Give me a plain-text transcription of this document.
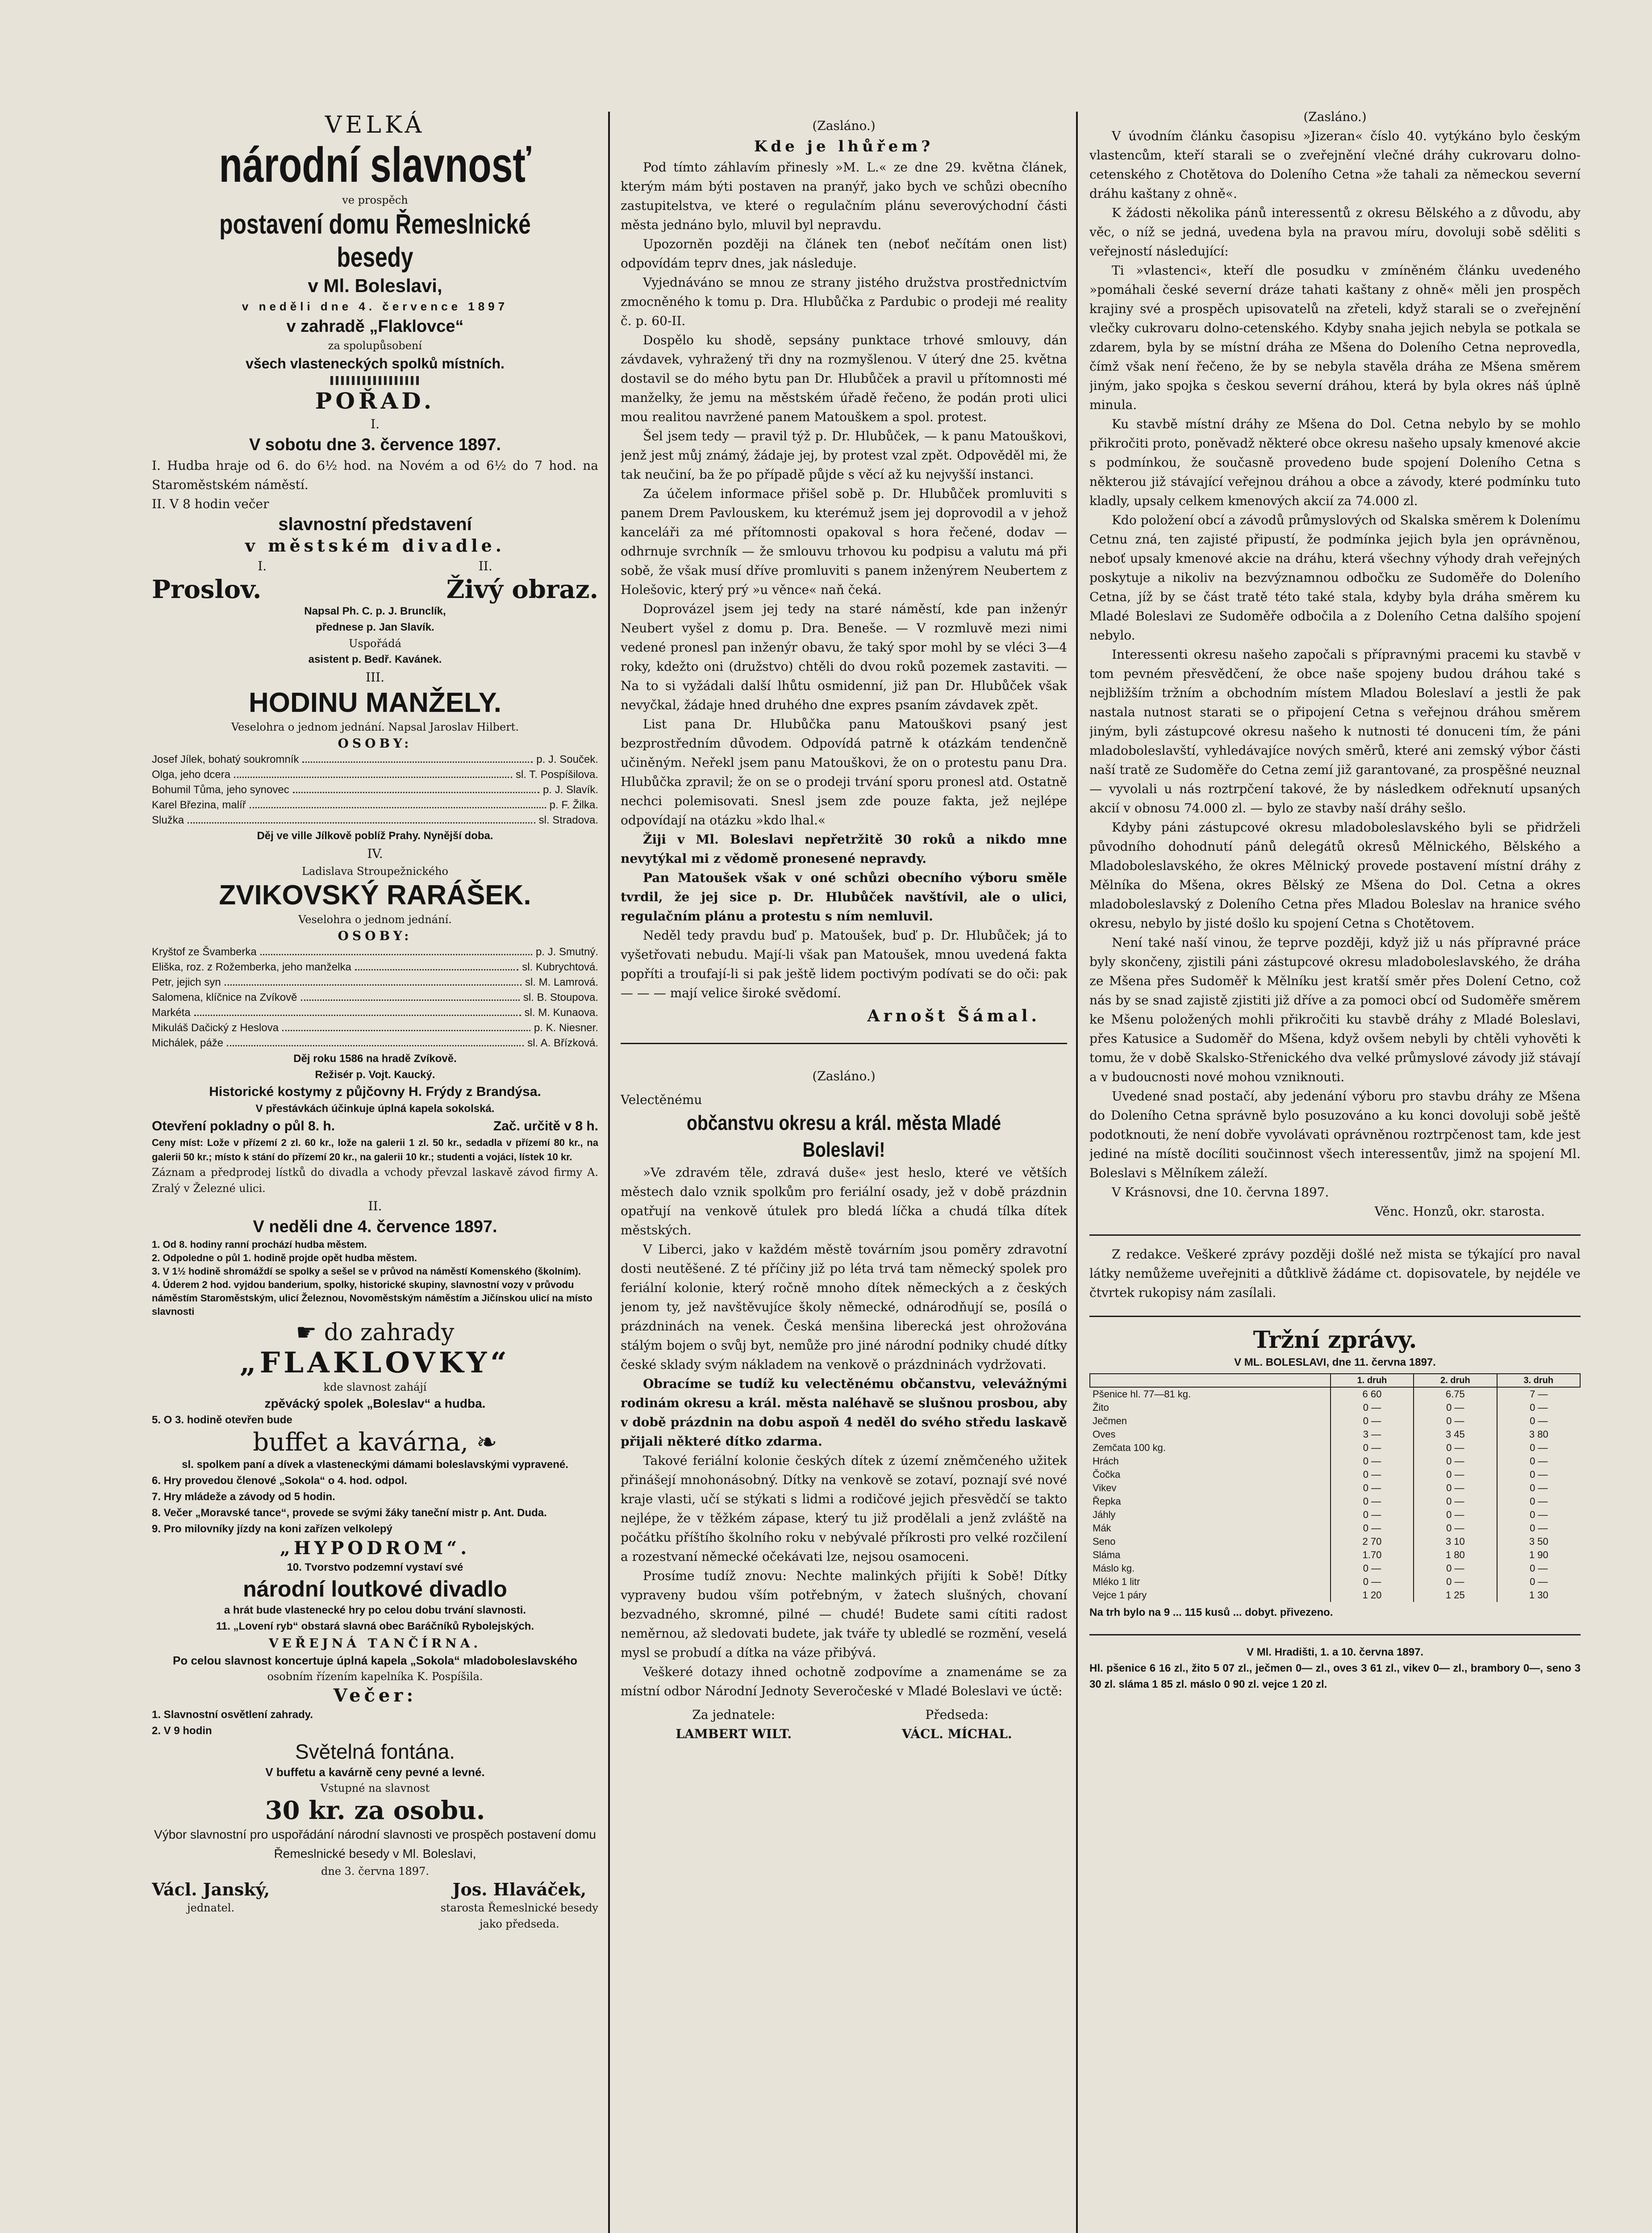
VELKÁ

národní slavnosť

ve prospěch

postavení domu Řemeslnické besedy

v Ml. Boleslavi,

v neděli dne 4. července 1897

v zahradě „Flaklovce“

za spolupůsobení

všech vlasteneckých spolků místních.

POŘAD.

I.

V sobotu dne 3. července 1897.

I. Hudba hraje od 6. do 6½ hod. na Novém a od 6½ do 7 hod. na Staroměstském náměstí.

II. V 8 hodin večer

slavnostní představení

v městském divadle.

I.	II.
Proslov.	Živý obraz.

Napsal Ph. C. p. J. Brunclík,

přednese p. Jan Slavík.

Uspořádá

asistent p. Bedř. Kavánek.

III.

HODINU MANŽELY.

Veselohra o jednom jednání. Napsal Jaroslav Hilbert.

OSOBY:

Josef Jílek, bohatý soukromník	p. J. Souček.
Olga, jeho dcera	sl. T. Pospíšilova.
Bohumil Tůma, jeho synovec	p. J. Slavík.
Karel Březina, malíř	p. F. Žilka.
Služka	sl. Stradova.

Děj ve ville Jílkově poblíž Prahy. Nynější doba.

IV.

Ladislava Stroupežnického

ZVIKOVSKÝ RARÁŠEK.

Veselohra o jednom jednání.

OSOBY:

Kryštof ze Švamberka	p. J. Smutný.
Eliška, roz. z Rožemberka, jeho manželka	sl. Kubrychtová.
Petr, jejich syn	sl. M. Lamrová.
Salomena, klíčnice na Zvíkově	sl. B. Stoupova.
Markéta	sl. M. Kunaova.
Mikuláš Dačický z Heslova	p. K. Niesner.
Michálek, páže	sl. A. Břízková.

Děj roku 1586 na hradě Zvíkově.

Režisér p. Vojt. Kaucký.

Historické kostymy z půjčovny H. Frýdy z Brandýsa.

V přestávkách účinkuje úplná kapela sokolská.

Otevření pokladny o půl 8. h.	Zač. určitě v 8 h.

Ceny míst: Lože v přízemí 2 zl. 60 kr., lože na galerii 1 zl. 50 kr., sedadla v přízemí 80 kr., na galerii 50 kr.; místo k stání do přízemí 20 kr., na galerii 10 kr.; studenti a vojáci, lístek 10 kr.

Záznam a předprodej lístků do divadla a vchody převzal laskavě závod firmy A. Zralý v Železné ulici.

II.

V neděli dne 4. července 1897.

1. Od 8. hodiny ranní prochází hudba městem.

2. Odpoledne o půl 1. hodině projde opět hudba městem.

3. V 1½ hodině shromáždí se spolky a sešel se v průvod na náměstí Komenského (školním).

4. Úderem 2 hod. vyjdou banderium, spolky, historické skupiny, slavnostní vozy v průvodu náměstím Staroměstským, ulicí Železnou, Novoměstským náměstím a Jičínskou ulicí na místo slavnosti

☛ do zahrady

„FLAKLOVKY“

kde slavnost zahájí

zpěvácký spolek „Boleslav“ a hudba.

5. O 3. hodině otevřen bude

buffet a kavárna, ❧

sl. spolkem paní a dívek a vlasteneckými dámami boleslavskými vypravené.

6. Hry provedou členové „Sokola“ o 4. hod. odpol.

7. Hry mládeže a závody od 5 hodin.

8. Večer „Moravské tance“, provede se svými žáky taneční mistr p. Ant. Duda.

9. Pro milovníky jízdy na koni zařízen velkolepý

„HYPODROM“.

10. Tvorstvo podzemní vystaví své

národní loutkové divadlo

a hrát bude vlastenecké hry po celou dobu trvání slavnosti.

11. „Lovení ryb“ obstará slavná obec Baráčníků Rybolejských.

VEŘEJNÁ TANČÍRNA.

Po celou slavnost koncertuje úplná kapela „Sokola“ mladoboleslavského

osobním řízením kapelníka K. Pospíšila.

Večer:

1. Slavnostní osvětlení zahrady.

2. V 9 hodin

Světelná fontána.

V buffetu a kavárně ceny pevné a levné.

Vstupné na slavnost

30 kr. za osobu.

Výbor slavnostní pro uspořádání národní slavnosti ve prospěch postavení domu Řemeslnické besedy v Ml. Boleslavi,

dne 3. června 1897.

Václ. Janský,

jednatel.

Jos. Hlaváček,

starosta Řemeslnické besedy

jako předseda.

(Zasláno.)

Kde je lhůřem?

Pod tímto záhlavím přinesly »M. L.« ze dne 29. května článek, kterým mám býti postaven na pranýř, jako bych ve schůzi obecního zastupitelstva, ve které o regulačním plánu severovýchodní části města jednáno bylo, mluvil byl nepravdu.

Upozorněn později na článek ten (neboť nečítám onen list) odpovídám teprv dnes, jak následuje.

Vyjednáváno se mnou ze strany jistého družstva prostřednictvím zmocněného k tomu p. Dra. Hlubůčka z Pardubic o prodeji mé reality č. p. 60-II.

Dospělo ku shodě, sepsány punktace trhové smlouvy, dán závdavek, vyhražený tři dny na rozmyšlenou. V úterý dne 25. května dostavil se do mého bytu pan Dr. Hlubůček a pravil u přítomnosti mé manželky, že jemu na městském úřadě řečeno, že podán proti ulici mou realitou navržené panem Matouškem a spol. protest.

Šel jsem tedy — pravil týž p. Dr. Hlubůček, — k panu Matouškovi, jenž jest můj známý, žádaje jej, by protest vzal zpět. Odpověděl mi, že tak neučiní, ba že po případě půjde s věcí až ku nejvyšší instanci.

Za účelem informace přišel sobě p. Dr. Hlubůček promluviti s panem Drem Pavlouskem, ku kterémuž jsem jej doprovodil a v jehož kanceláři za mé přítomnosti opakoval s hora řečené, dodav — odhrnuje svrchník — že smlouvu trhovou ku podpisu a valutu má při sobě, že však musí dříve promluviti s panem inženýrem Neubertem z Holešovic, který prý »u věnce« naň čeká.

Doprovázel jsem jej tedy na staré náměstí, kde pan inženýr Neubert vyšel z domu p. Dra. Beneše. — V rozmluvě mezi nimi vedené pronesl pan inženýr obavu, že taký spor mohl by se vléci 3—4 roky, kdežto oni (družstvo) chtěli do dvou roků pozemek zastaviti. — Na to si vyžádali další lhůtu osmidenní, již pan Dr. Hlubůček však nevyčkal, žádaje hned druhého dne expres psaním závdavek zpět.

List pana Dr. Hlubůčka panu Matouškovi psaný jest bezprostředním důvodem. Odpovídá patrně k otázkám tendenčně učiněným. Neřekl jsem panu Matouškovi, že on o protestu panu Dra. Hlubůčka zpravil; že on se o prodeji trvání sporu pronesl atd. Ostatně nechci polemisovati. Snesl jsem zde pouze fakta, jež nejlépe odpovídají na otázku »kdo lhal.«

Žiji v Ml. Boleslavi nepřetržitě 30 roků a nikdo mne nevytýkal mi z vědomě pronesené nepravdy.

Pan Matoušek však v oné schůzi obecního výboru směle tvrdil, že jej sice p. Dr. Hlubůček navštívil, ale o ulici, regulačním plánu a protestu s ním nemluvil.

Neděl tedy pravdu buď p. Matoušek, buď p. Dr. Hlubůček; já to vyšetřovati nebudu. Mají-li však pan Matoušek, mnou uvedená fakta popříti a troufají-li si pak ještě lidem poctivým podívati se do oči: pak — — — mají velice široké svědomí.

Arnošt Šámal.

(Zasláno.)

Velectěnému

občanstvu okresu a král. města Mladé Boleslavi!

»Ve zdravém těle, zdravá duše« jest heslo, které ve větších městech dalo vznik spolkům pro feriální osady, jež v době prázdnin opatřují na venkově útulek pro bledá líčka a chudá tílka dítek městských.

V Liberci, jako v každém městě továrním jsou poměry zdravotní dosti neutěšené. Z té příčiny již po léta trvá tam německý spolek pro feriální kolonie, který ročně mnoho dítek německých a z českých jenom ty, jež navštěvujíce školy německé, odnárodňují se, posílá o prázdninách na venek. Česká menšina liberecká jest ohrožována stálým bojem o svůj byt, nemůže pro jiné národní podniky chudé dítky české sklady svým nákladem na venkově o prázdninách vydržovati.

Obracíme se tudíž ku velectěnému občanstvu, velevážnými rodinám okresu a král. města naléhavě se slušnou prosbou, aby v době prázdnin na dobu aspoň 4 neděl do svého středu laskavě přijali některé dítko zdarma.

Takové feriální kolonie českých dítek z území zněmčeného užitek přinášejí mnohonásobný. Dítky na venkově se zotaví, poznají své nové kraje vlasti, učí se stýkati s lidmi a rodičové jejich přesvědčí se takto nejlépe, že v těžkém zápase, který tu již prodělali a jenž zvláště na počátku příštího školního roku v nebývalé příkrosti pro velké rozčilení a rozestvaní německé očekávati lze, nejsou osamoceni.

Prosíme tudíž znovu: Nechte malinkých přijíti k Sobě! Dítky vypraveny budou vším potřebným, v žatech slušných, chovaní bezvadného, skromné, pilné — chudé! Budete sami cítiti radost neměrnou, až sledovati budete, jak tváře ty ubledlé se rozmění, veselá mysl se probudí a dítka na váze přibývá.

Veškeré dotazy ihned ochotně zodpovíme a znamenáme se za místní odbor Národní Jednoty Severočeské v Mladé Boleslavi ve úctě:

Za jednatele:

LAMBERT WILT.

Předseda:

VÁCL. MÍCHAL.

(Zasláno.)

V úvodním článku časopisu »Jizeran« číslo 40. vytýkáno bylo českým vlastencům, kteří starali se o zveřejnění vlečné dráhy cukrovaru dolno-cetenského z Chotětova do Doleního Cetna »že tahali za německou severní dráhu kaštany z ohně«.

K žádosti několika pánů interessentů z okresu Bělského a z důvodu, aby věc, o níž se jedná, uvedena byla na pravou míru, dovoluji sobě sděliti s veřejností následující:

Ti »vlastenci«, kteří dle posudku v zmíněném článku uvedeného »pomáhali české severní dráze tahati kaštany z ohně« měli jen prospěch krajiny své a prospěch upisovatelů na zřeteli, když starali se o zveřejnění vlečky cukrovaru dolno-cetenského. Kdyby snaha jejich nebyla se potkala se zdarem, byla by se místní dráha ze Mšena do Doleního Cetna neprovedla, čímž však není řečeno, že by se nebyla stavěla dráha ze Mšena směrem jiným, jako spojka s českou severní dráhou, která by byla okres náš úplně minula.

Ku stavbě místní dráhy ze Mšena do Dol. Cetna nebylo by se mohlo přikročiti proto, poněvadž některé obce okresu našeho upsaly kmenové akcie s podmínkou, že současně provedeno bude spojení Doleního Cetna s některou již stávající veřejnou dráhou a obce a závody, které podmínku tuto kladly, upsaly celkem kmenových akcií za 74.000 zl.

Kdo položení obcí a závodů průmyslových od Skalska směrem k Dolenímu Cetnu zná, ten zajisté připustí, že podmínka jejich byla jen oprávněnou, neboť upsaly kmenové akcie na dráhu, která všechny výhody drah veřejných poskytuje a nikoliv na bezvýznamnou odbočku ze Sudoměře do Doleního Cetna, jíž by se část tratě této také stala, kdyby byla dráha směrem ku Mladé Boleslavi ze Sudoměře odbočila a z Doleního Cetna dalšího spojení nebylo.

Interessenti okresu našeho započali s přípravnými pracemi ku stavbě v tom pevném přesvědčení, že obce naše spojeny budou dráhou také s nejbližším tržním a obchodním místem Mladou Boleslaví a jestli že pak nastala nutnost starati se o připojení Cetna s veřejnou dráhou směrem jiným, byli zástupcové okresu našeho k nutnosti té donuceni tím, že páni mladoboleslavští, vyhledávajíce nových směrů, které ani zemský výbor části naší tratě ze Sudoměře do Cetna zemí již garantované, za prospěšné neuznal — vyvolali u nás roztrpčení takové, že by následkem odřeknutí upsaných akcií v obnosu 74.000 zl. — bylo ze stavby naší dráhy sešlo.

Kdyby páni zástupcové okresu mladoboleslavského byli se přidrželi původního dohodnutí pánů delegátů okresů Mělnického, Bělského a Mladoboleslavského, že okres Mělnický provede postavení místní dráhy z Mělníka do Mšena, okres Bělský ze Mšena do Dol. Cetna a okres mladoboleslavský z Doleního Cetna přes Mladou Boleslav na hranice svého okresu, nebylo by jisté došlo ku spojení Cetna s Chotětovem.

Není také naší vinou, že teprve později, když již u nás přípravné práce byly skončeny, zjistili páni zástupcové okresu mladoboleslavského, že dráha ze Mšena přes Sudoměř k Mělníku jest kratší směr přes Dolení Cetno, což nás by se snad zajistě zjistiti již dříve a za pomoci obcí od Sudoměře směrem ke Mšenu položených mohli přikročiti ku stavbě dráhy z Mladé Boleslavi, přes Katusice a Sudoměř do Mšena, když ovšem nebyli by chtěli vyhověti k tomu, že v době Skalsko-Střenického dva velké průmyslové závody již stávají a v budoucnosti nové mohou vzniknouti.

Uvedené snad postačí, aby jedenání výboru pro stavbu dráhy ze Mšena do Doleního Cetna správně bylo posuzováno a ku konci dovoluji sobě ještě podotknouti, že není dobře vyvolávati oprávněnou roztrpčenost tam, kde jest jediné na místě docíliti součinnost všech interessentův, jimž na spojení Ml. Boleslavi s Mělníkem záleží.

V Krásnovsi, dne 10. června 1897.

Věnc. Honzů, okr. starosta.

Z redakce. Veškeré zprávy později došlé než mista se týkající pro naval látky nemůžeme uveřejniti a důtklivě žádáme ct. dopisovatele, by nejdéle ve čtvrtek rukopisy nám zasílali.

Tržní zprávy.

V ML. BOLESLAVI, dne 11. června 1897.

	1. druh	2. druh	3. druh
Pšenice hl. 77—81 kg.	6 60	6.75	7 —
Žito	0 —	0 —	0 —
Ječmen	0 —	0 —	0 —
Oves	3 —	3 45	3 80
Zemčata 100 kg.	0 —	0 —	0 —
Hrách	0 —	0 —	0 —
Čočka	0 —	0 —	0 —
Vikev	0 —	0 —	0 —
Řepka	0 —	0 —	0 —
Jáhly	0 —	0 —	0 —
Mák	0 —	0 —	0 —
Seno	2 70	3 10	3 50
Sláma	1.70	1 80	1 90
Máslo kg.	0 —	0 —	0 —
Mléko 1 litr	0 —	0 —	0 —
Vejce 1 páry	1 20	1 25	1 30

Na trh bylo na 9 ... 115 kusů ... dobyt. přivezeno.

V Ml. Hradišti, 1. a 10. června 1897.

Hl. pšenice 6 16 zl., žito 5 07 zl., ječmen 0— zl., oves 3 61 zl., vikev 0— zl., brambory 0—, seno 3 30 zl. sláma 1 85 zl. máslo 0 90 zl. vejce 1 20 zl.
